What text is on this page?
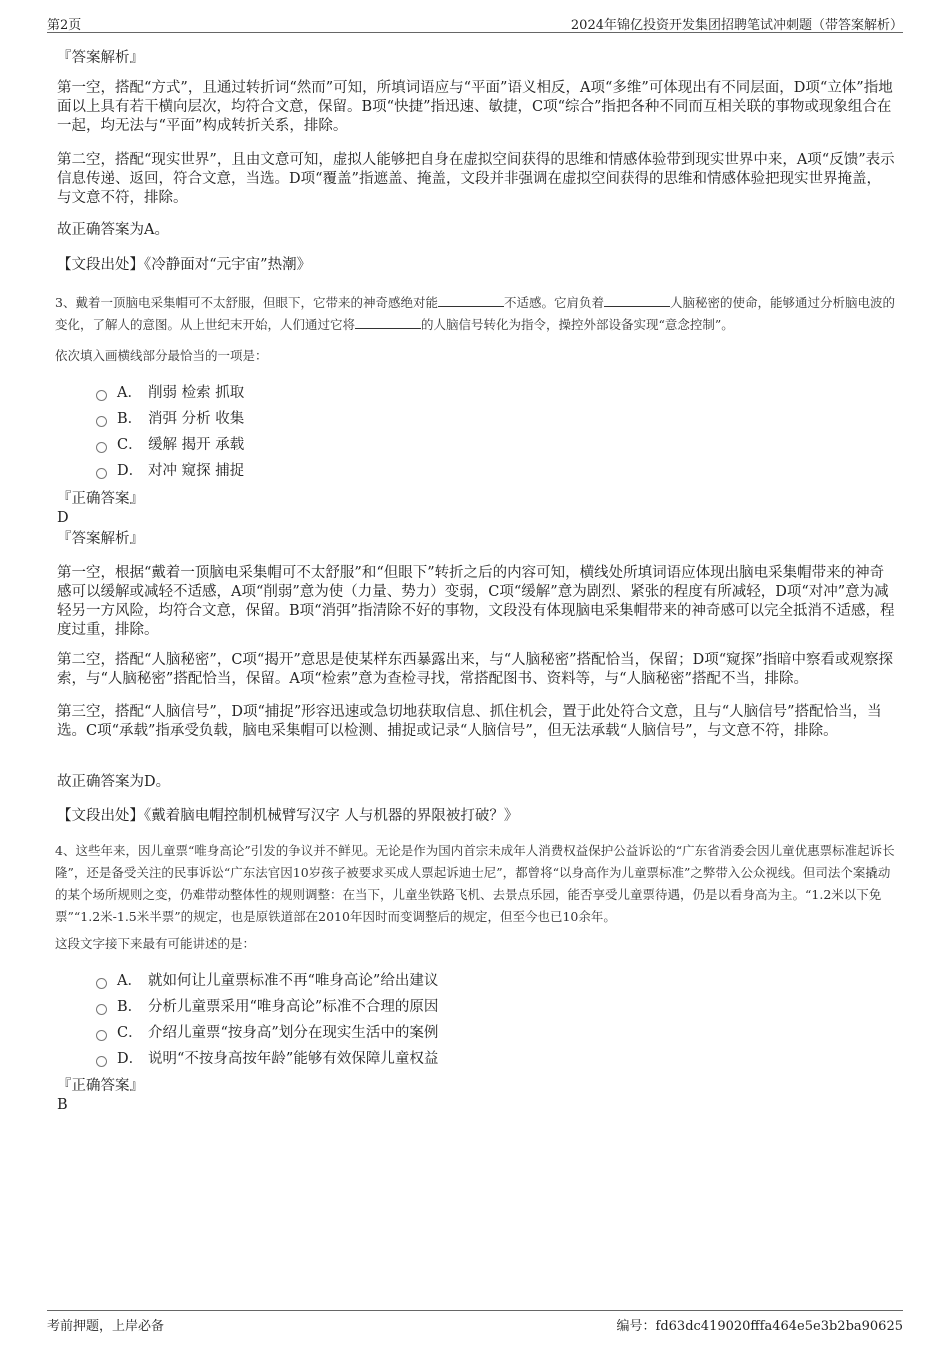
第2页	2024年锦亿投资开发集团招聘笔试冲刺题（带答案解析）
『答案解析』

第一空，搭配“方式”，且通过转折词“然而”可知，所填词语应与“平面”语义相反，A项“多维”可体现出有不同层面，D项“立体”指地面以上具有若干横向层次，均符合文意，保留。B项“快捷”指迅速、敏捷，C项“综合”指把各种不同而互相关联的事物或现象组合在一起，均无法与“平面”构成转折关系，排除。

第二空，搭配“现实世界”，且由文意可知，虚拟人能够把自身在虚拟空间获得的思维和情感体验带到现实世界中来，A项“反馈”表示信息传递、返回，符合文意，当选。D项“覆盖”指遮盖、掩盖，文段并非强调在虚拟空间获得的思维和情感体验把现实世界掩盖，与文意不符，排除。

故正确答案为A。
【文段出处】《冷静面对“元宇宙”热潮》

3、戴着一顶脑电采集帽可不太舒服，但眼下，它带来的神奇感绝对能	不适感。它肩负着	人脑秘密的使命，能够通过分析脑电波的变化，了解人的意图。从上世纪末开始，人们通过它将	的人脑信号转化为指令，操控外部设备实现“意念控制”。

依次填入画横线部分最恰当的一项是：
A． 削弱 检索 抓取
B． 消弭 分析 收集
C． 缓解 揭开 承载
D． 对冲 窥探 捕捉
『正确答案』
D
『答案解析』

第一空，根据“戴着一顶脑电采集帽可不太舒服”和“但眼下”转折之后的内容可知，横线处所填词语应体现出脑电采集帽带来的神奇感可以缓解或减轻不适感，A项“削弱”意为使（力量、势力）变弱，C项“缓解”意为剧烈、紧张的程度有所减轻，D项“对冲”意为减轻另一方风险，均符合文意，保留。B项“消弭”指清除不好的事物，文段没有体现脑电采集帽带来的神奇感可以完全抵消不适感，程度过重，排除。

第二空，搭配“人脑秘密”，C项“揭开”意思是使某样东西暴露出来，与“人脑秘密”搭配恰当，保留；D项“窥探”指暗中察看或观察探索，与“人脑秘密”搭配恰当，保留。A项“检索”意为查检寻找，常搭配图书、资料等，与“人脑秘密”搭配不当，排除。

第三空，搭配“人脑信号”，D项“捕捉”形容迅速或急切地获取信息、抓住机会，置于此处符合文意，且与“人脑信号”搭配恰当，当选。C项“承载”指承受负载，脑电采集帽可以检测、捕捉或记录“人脑信号”，但无法承载“人脑信号”，与文意不符，排除。

故正确答案为D。
【文段出处】《戴着脑电帽控制机械臂写汉字 人与机器的界限被打破？》

4、这些年来，因儿童票“唯身高论”引发的争议并不鲜见。无论是作为国内首宗未成年人消费权益保护公益诉讼的“广东省消委会因儿童优惠票标准起诉长隆”，还是备受关注的民事诉讼“广东法官因10岁孩子被要求买成人票起诉迪士尼”，都曾将“以身高作为儿童票标准”之弊带入公众视线。但司法个案撬动的某个场所规则之变，仍难带动整体性的规则调整：在当下，儿童坐铁路飞机、去景点乐园，能否享受儿童票待遇，仍是以看身高为主。“1.2米以下免票”“1.2米-1.5米半票”的规定，也是原铁道部在2010年因时而变调整后的规定，但至今也已10余年。

这段文字接下来最有可能讲述的是：
A． 就如何让儿童票标准不再“唯身高论”给出建议
B． 分析儿童票采用“唯身高论”标准不合理的原因
C． 介绍儿童票“按身高”划分在现实生活中的案例
D． 说明“不按身高按年龄”能够有效保障儿童权益
『正确答案』
B
考前押题，上岸必备	编号：fd63dc419020fffa464e5e3b2ba90625
